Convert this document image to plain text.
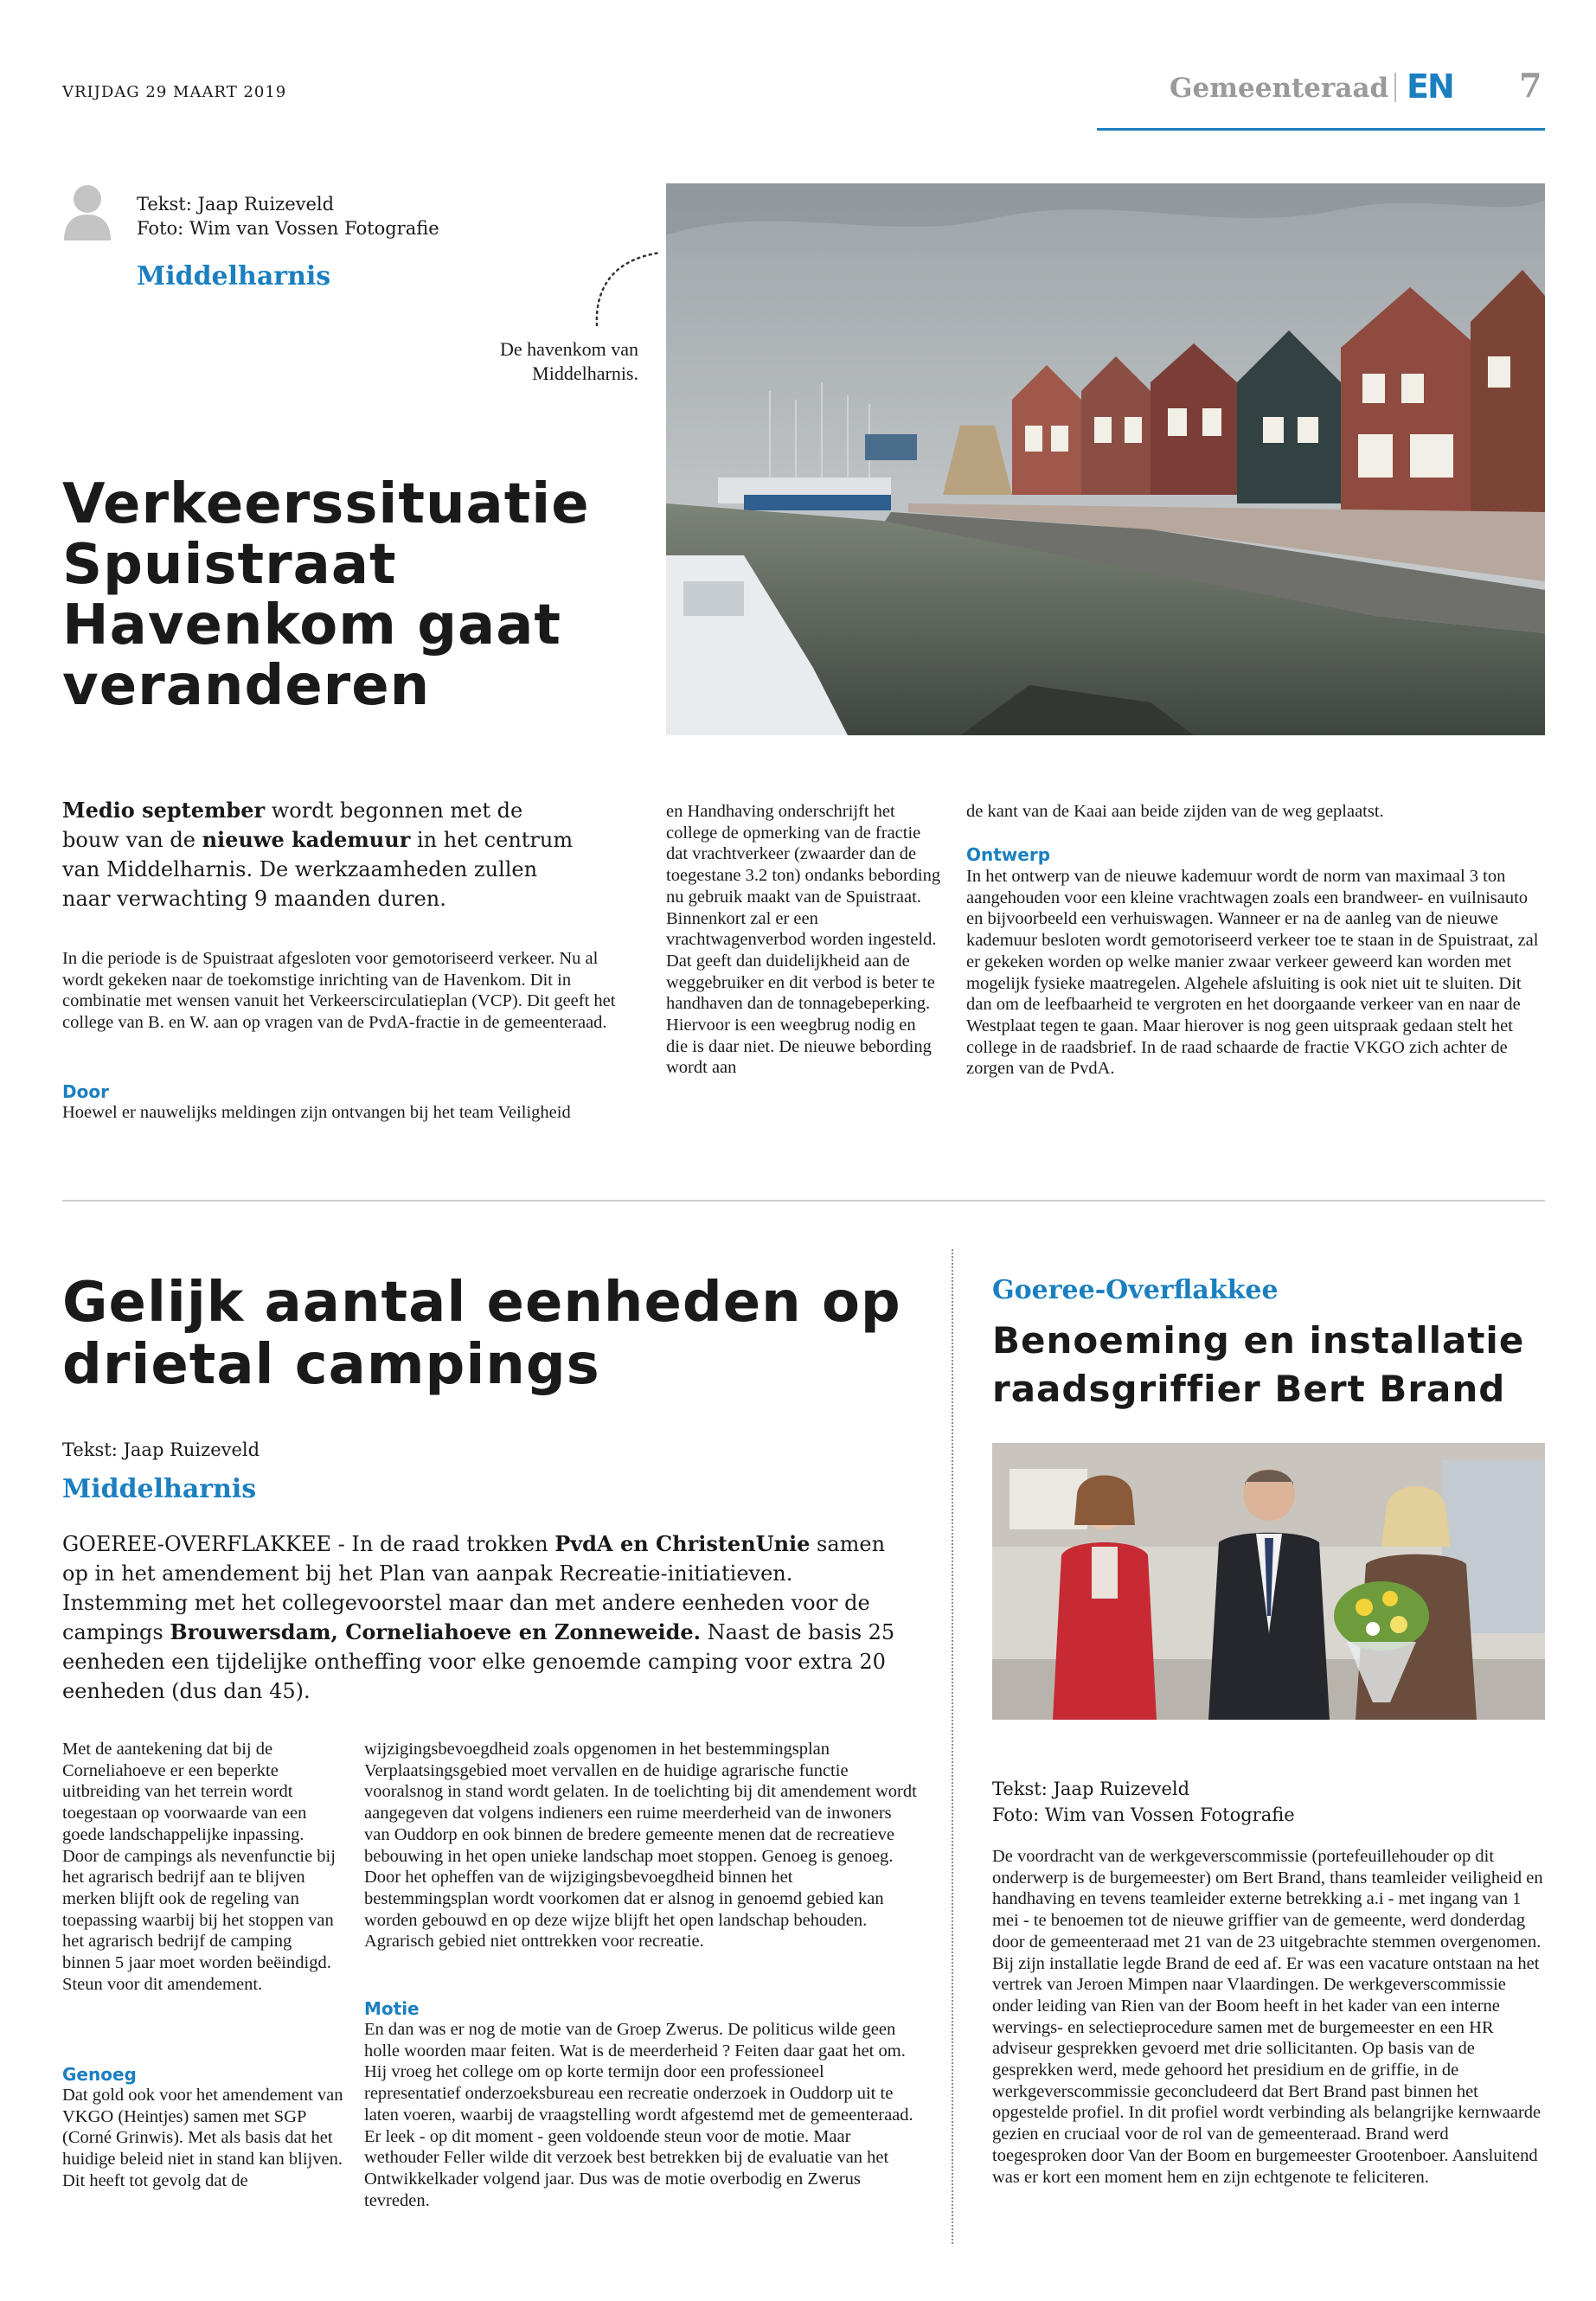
VRIJDAG 29 MAART 2019	Gemeenteraad EN 7
Tekst: Jaap Ruizeveld
Foto: Wim van Vossen Fotografie
Middelharnis
De havenkom van Middelharnis.
Verkeerssituatie Spuistraat Havenkom gaat veranderen
Medio september wordt begonnen met de bouw van de nieuwe kademuur in het centrum van Middelharnis. De werkzaamheden zullen naar verwachting 9 maanden duren.

In die periode is de Spuistraat afgesloten voor gemotoriseerd verkeer. Nu al wordt gekeken naar de toekomstige inrichting van de Havenkom. Dit in combinatie met wensen vanuit het Verkeerscirculatieplan (VCP). Dit geeft het college van B. en W. aan op vragen van de PvdA-fractie in de gemeenteraad.

Door

Hoewel er nauwelijks meldingen zijn ontvangen bij het team Veiligheid

en Handhaving onderschrijft het college de opmerking van de fractie dat vrachtverkeer (zwaarder dan de toegestane 3.2 ton) ondanks bebording nu gebruik maakt van de Spuistraat. Binnenkort zal er een vrachtwagenverbod worden ingesteld. Dat geeft dan duidelijkheid aan de weggebruiker en dit verbod is beter te handhaven dan de tonnagebeperking. Hiervoor is een weegbrug nodig en die is daar niet. De nieuwe bebording wordt aan

de kant van de Kaai aan beide zijden van de weg geplaatst.

Ontwerp

In het ontwerp van de nieuwe kademuur wordt de norm van maximaal 3 ton aangehouden voor een kleine vrachtwagen zoals een brandweer- en vuilnisauto en bijvoorbeeld een verhuiswagen. Wanneer er na de aanleg van de nieuwe kademuur besloten wordt gemotoriseerd verkeer toe te staan in de Spuistraat, zal er gekeken worden op welke manier zwaar verkeer geweerd kan worden met mogelijk fysieke maatregelen. Algehele afsluiting is ook niet uit te sluiten. Dit dan om de leefbaarheid te vergroten en het doorgaande verkeer van en naar de Westplaat tegen te gaan. Maar hierover is nog geen uitspraak gedaan stelt het college in de raadsbrief. In de raad schaarde de fractie VKGO zich achter de zorgen van de PvdA.

Gelijk aantal eenheden op drietal campings
Tekst: Jaap Ruizeveld
Middelharnis
GOEREE-OVERFLAKKEE - In de raad trokken PvdA en ChristenUnie samen op in het amendement bij het Plan van aanpak Recreatie-initiatieven. Instemming met het collegevoorstel maar dan met andere eenheden voor de campings Brouwersdam, Corneliahoeve en Zonneweide. Naast de basis 25 eenheden een tijdelijke ontheffing voor elke genoemde camping voor extra 20 eenheden (dus dan 45).

Met de aantekening dat bij de Corneliahoeve er een beperkte uitbreiding van het terrein wordt toegestaan op voorwaarde van een goede landschappelijke inpassing. Door de campings als nevenfunctie bij het agrarisch bedrijf aan te blijven merken blijft ook de regeling van toepassing waarbij bij het stoppen van het agrarisch bedrijf de camping binnen 5 jaar moet worden beëindigd. Steun voor dit amendement.

Genoeg

Dat gold ook voor het amendement van VKGO (Heintjes) samen met SGP (Corné Grinwis). Met als basis dat het huidige beleid niet in stand kan blijven. Dit heeft tot gevolg dat de

wijzigingsbevoegdheid zoals opgenomen in het bestemmingsplan Verplaatsingsgebied moet vervallen en de huidige agrarische functie vooralsnog in stand wordt gelaten. In de toelichting bij dit amendement wordt aangegeven dat volgens indieners een ruime meerderheid van de inwoners van Ouddorp en ook binnen de bredere gemeente menen dat de recreatieve bebouwing in het open unieke landschap moet stoppen. Genoeg is genoeg. Door het opheffen van de wijzigingsbevoegdheid binnen het bestemmingsplan wordt voorkomen dat er alsnog in genoemd gebied kan worden gebouwd en op deze wijze blijft het open landschap behouden. Agrarisch gebied niet onttrekken voor recreatie.

Motie

En dan was er nog de motie van de Groep Zwerus. De politicus wilde geen holle woorden maar feiten. Wat is de meerderheid ? Feiten daar gaat het om. Hij vroeg het college om op korte termijn door een professioneel representatief onderzoeksbureau een recreatie onderzoek in Ouddorp uit te laten voeren, waarbij de vraagstelling wordt afgestemd met de gemeenteraad. Er leek - op dit moment - geen voldoende steun voor de motie. Maar wethouder Feller wilde dit verzoek best betrekken bij de evaluatie van het Ontwikkelkader volgend jaar. Dus was de motie overbodig en Zwerus tevreden.

Goeree-Overflakkee
Benoeming en installatie raadsgriffier Bert Brand
Tekst: Jaap Ruizeveld
Foto: Wim van Vossen Fotografie

De voordracht van de werkgeverscommissie (portefeuillehouder op dit onderwerp is de burgemeester) om Bert Brand, thans teamleider veiligheid en handhaving en tevens teamleider externe betrekking a.i - met ingang van 1 mei - te benoemen tot de nieuwe griffier van de gemeente, werd donderdag door de gemeenteraad met 21 van de 23 uitgebrachte stemmen overgenomen. Bij zijn installatie legde Brand de eed af. Er was een vacature ontstaan na het vertrek van Jeroen Mimpen naar Vlaardingen. De werkgeverscommissie onder leiding van Rien van der Boom heeft in het kader van een interne wervings- en selectieprocedure samen met de burgemeester en een HR adviseur gesprekken gevoerd met drie sollicitanten. Op basis van de gesprekken werd, mede gehoord het presidium en de griffie, in de werkgeverscommissie geconcludeerd dat Bert Brand past binnen het opgestelde profiel. In dit profiel wordt verbinding als belangrijke kernwaarde gezien en cruciaal voor de rol van de gemeenteraad. Brand werd toegesproken door Van der Boom en burgemeester Grootenboer. Aansluitend was er kort een moment hem en zijn echtgenote te feliciteren.
